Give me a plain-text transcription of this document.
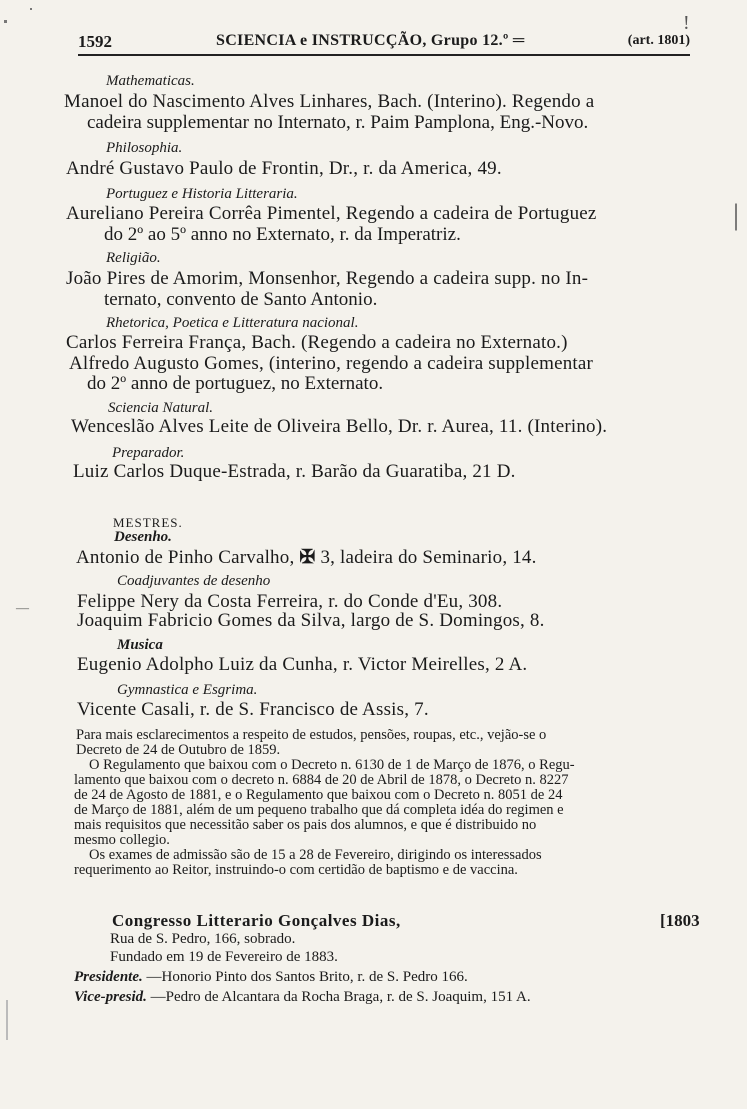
1592	SCIENCIA e INSTRUCÇÃO, Grupo 12.º ═	(art. 1801)
Mathematicas.
Manoel do Nascimento Alves Linhares, Bach. (Interino). Regendo a
cadeira supplementar no Internato, r. Paim Pamplona, Eng.-Novo.
Philosophia.
André Gustavo Paulo de Frontin, Dr., r. da America, 49.
Portuguez e Historia Litteraria.
Aureliano Pereira Corrêa Pimentel, Regendo a cadeira de Portuguez
do 2º ao 5º anno no Externato, r. da Imperatriz.
Religião.
João Pires de Amorim, Monsenhor, Regendo a cadeira supp. no In-
ternato, convento de Santo Antonio.
Rhetorica, Poetica e Litteratura nacional.
Carlos Ferreira França, Bach. (Regendo a cadeira no Externato.)
Alfredo Augusto Gomes, (interino, regendo a cadeira supplementar
do 2º anno de portuguez, no Externato.
Sciencia Natural.
Wenceslão Alves Leite de Oliveira Bello, Dr. r. Aurea, 11. (Interino).
Preparador.
Luiz Carlos Duque-Estrada, r. Barão da Guaratiba, 21 D.
MESTRES.
Desenho.
Antonio de Pinho Carvalho, ✠ 3, ladeira do Seminario, 14.
Coadjuvantes de desenho
Felippe Nery da Costa Ferreira, r. do Conde d'Eu, 308.
Joaquim Fabricio Gomes da Silva, largo de S. Domingos, 8.
Musica
Eugenio Adolpho Luiz da Cunha, r. Victor Meirelles, 2 A.
Gymnastica e Esgrima.
Vicente Casali, r. de S. Francisco de Assis, 7.
Para mais esclarecimentos a respeito de estudos, pensões, roupas, etc., vejão-se o
Decreto de 24 de Outubro de 1859.
O Regulamento que baixou com o Decreto n. 6130 de 1 de Março de 1876, o Regu-
lamento que baixou com o decreto n. 6884 de 20 de Abril de 1878, o Decreto n. 8227
de 24 de Agosto de 1881, e o Regulamento que baixou com o Decreto n. 8051 de 24
de Março de 1881, além de um pequeno trabalho que dá completa idéa do regimen e
mais requisitos que necessitão saber os pais dos alumnos, e que é distribuido no
mesmo collegio.
Os exames de admissão são de 15 a 28 de Fevereiro, dirigindo os interessados
requerimento ao Reitor, instruindo-o com certidão de baptismo e de vaccina.
Congresso Litterario Gonçalves Dias,	[1803
Rua de S. Pedro, 166, sobrado.
Fundado em 19 de Fevereiro de 1883.
Presidente. —Honorio Pinto dos Santos Brito, r. de S. Pedro 166.
Vice-presid. —Pedro de Alcantara da Rocha Braga, r. de S. Joaquim, 151 A.
!
|
—
